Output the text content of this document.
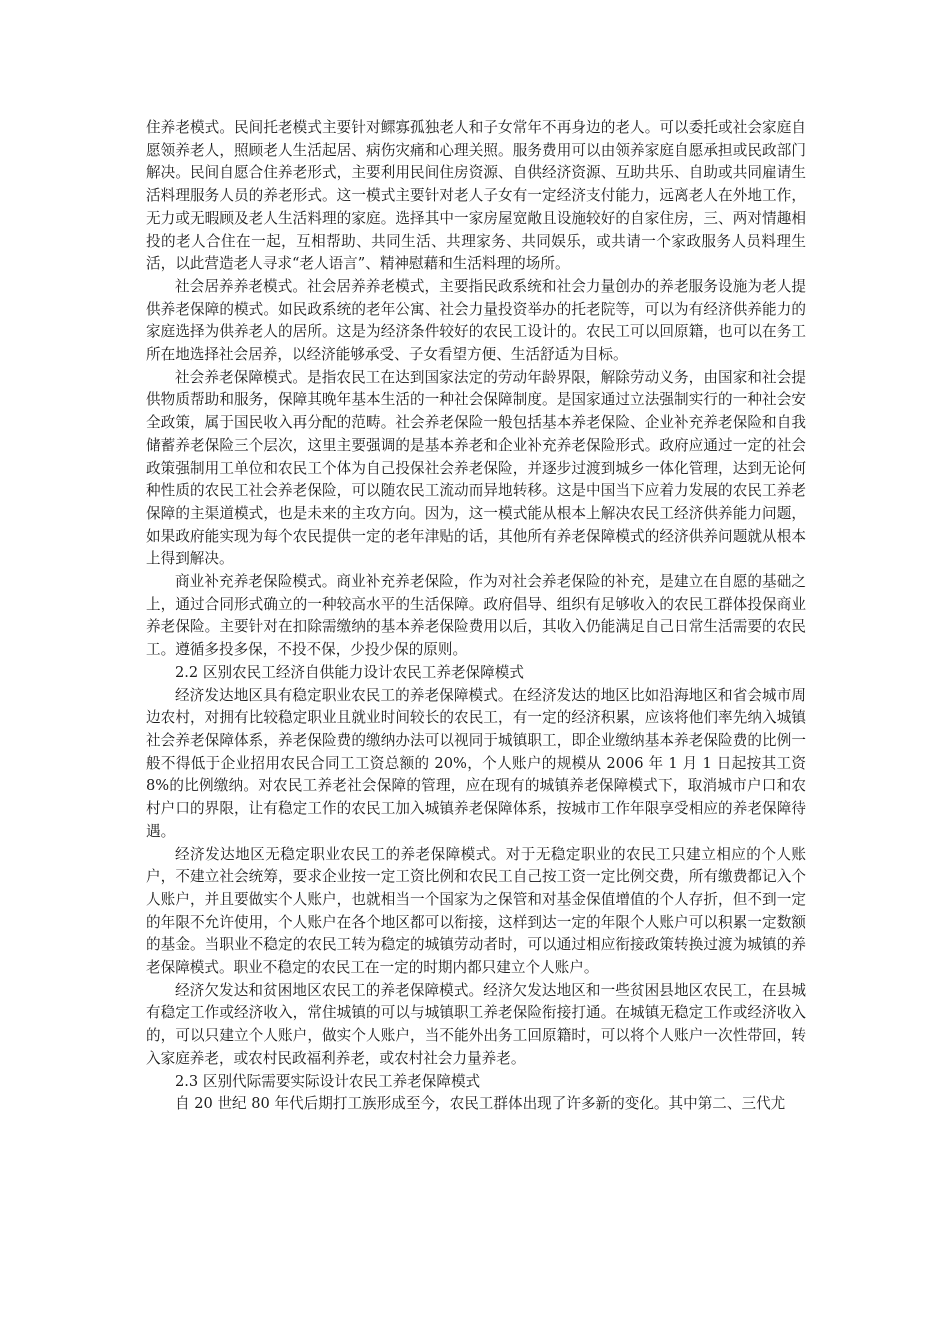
住养老模式。民间托老模式主要针对鳏寡孤独老人和子女常年不再身边的老人。可以委托或社会家庭自愿领养老人，照顾老人生活起居、病伤灾痛和心理关照。服务费用可以由领养家庭自愿承担或民政部门解决。民间自愿合住养老形式，主要利用民间住房资源、自供经济资源、互助共乐、自助或共同雇请生活料理服务人员的养老形式。这一模式主要针对老人子女有一定经济支付能力，远离老人在外地工作，无力或无暇顾及老人生活料理的家庭。选择其中一家房屋宽敞且设施较好的自家住房，三、两对情趣相投的老人合住在一起，互相帮助、共同生活、共理家务、共同娱乐，或共请一个家政服务人员料理生活，以此营造老人寻求“老人语言”、精神慰藉和生活料理的场所。

社会居养养老模式。社会居养养老模式，主要指民政系统和社会力量创办的养老服务设施为老人提供养老保障的模式。如民政系统的老年公寓、社会力量投资举办的托老院等，可以为有经济供养能力的家庭选择为供养老人的居所。这是为经济条件较好的农民工设计的。农民工可以回原籍，也可以在务工所在地选择社会居养，以经济能够承受、子女看望方便、生活舒适为目标。

社会养老保障模式。是指农民工在达到国家法定的劳动年龄界限，解除劳动义务，由国家和社会提供物质帮助和服务，保障其晚年基本生活的一种社会保障制度。是国家通过立法强制实行的一种社会安全政策，属于国民收入再分配的范畴。社会养老保险一般包括基本养老保险、企业补充养老保险和自我储蓄养老保险三个层次，这里主要强调的是基本养老和企业补充养老保险形式。政府应通过一定的社会政策强制用工单位和农民工个体为自己投保社会养老保险，并逐步过渡到城乡一体化管理，达到无论何种性质的农民工社会养老保险，可以随农民工流动而异地转移。这是中国当下应着力发展的农民工养老保障的主渠道模式，也是未来的主攻方向。因为，这一模式能从根本上解决农民工经济供养能力问题，如果政府能实现为每个农民提供一定的老年津贴的话，其他所有养老保障模式的经济供养问题就从根本上得到解决。

商业补充养老保险模式。商业补充养老保险，作为对社会养老保险的补充，是建立在自愿的基础之上，通过合同形式确立的一种较高水平的生活保障。政府倡导、组织有足够收入的农民工群体投保商业养老保险。主要针对在扣除需缴纳的基本养老保险费用以后，其收入仍能满足自己日常生活需要的农民工。遵循多投多保，不投不保，少投少保的原则。

2.2 区别农民工经济自供能力设计农民工养老保障模式

经济发达地区具有稳定职业农民工的养老保障模式。在经济发达的地区比如沿海地区和省会城市周边农村，对拥有比较稳定职业且就业时间较长的农民工，有一定的经济积累，应该将他们率先纳入城镇社会养老保障体系，养老保险费的缴纳办法可以视同于城镇职工，即企业缴纳基本养老保险费的比例一般不得低于企业招用农民合同工工资总额的 20%，个人账户的规模从 2006 年 1 月 1 日起按其工资 8%的比例缴纳。对农民工养老社会保障的管理，应在现有的城镇养老保障模式下，取消城市户口和农村户口的界限，让有稳定工作的农民工加入城镇养老保障体系，按城市工作年限享受相应的养老保障待遇。

经济发达地区无稳定职业农民工的养老保障模式。对于无稳定职业的农民工只建立相应的个人账户，不建立社会统筹，要求企业按一定工资比例和农民工自己按工资一定比例交费，所有缴费都记入个人账户，并且要做实个人账户，也就相当一个国家为之保管和对基金保值增值的个人存折，但不到一定的年限不允许使用，个人账户在各个地区都可以衔接，这样到达一定的年限个人账户可以积累一定数额的基金。当职业不稳定的农民工转为稳定的城镇劳动者时，可以通过相应衔接政策转换过渡为城镇的养老保障模式。职业不稳定的农民工在一定的时期内都只建立个人账户。

经济欠发达和贫困地区农民工的养老保障模式。经济欠发达地区和一些贫困县地区农民工，在县城有稳定工作或经济收入，常住城镇的可以与城镇职工养老保险衔接打通。在城镇无稳定工作或经济收入的，可以只建立个人账户，做实个人账户，当不能外出务工回原籍时，可以将个人账户一次性带回，转入家庭养老，或农村民政福利养老，或农村社会力量养老。

2.3 区别代际需要实际设计农民工养老保障模式

自 20 世纪 80 年代后期打工族形成至今，农民工群体出现了许多新的变化。其中第二、三代尤
